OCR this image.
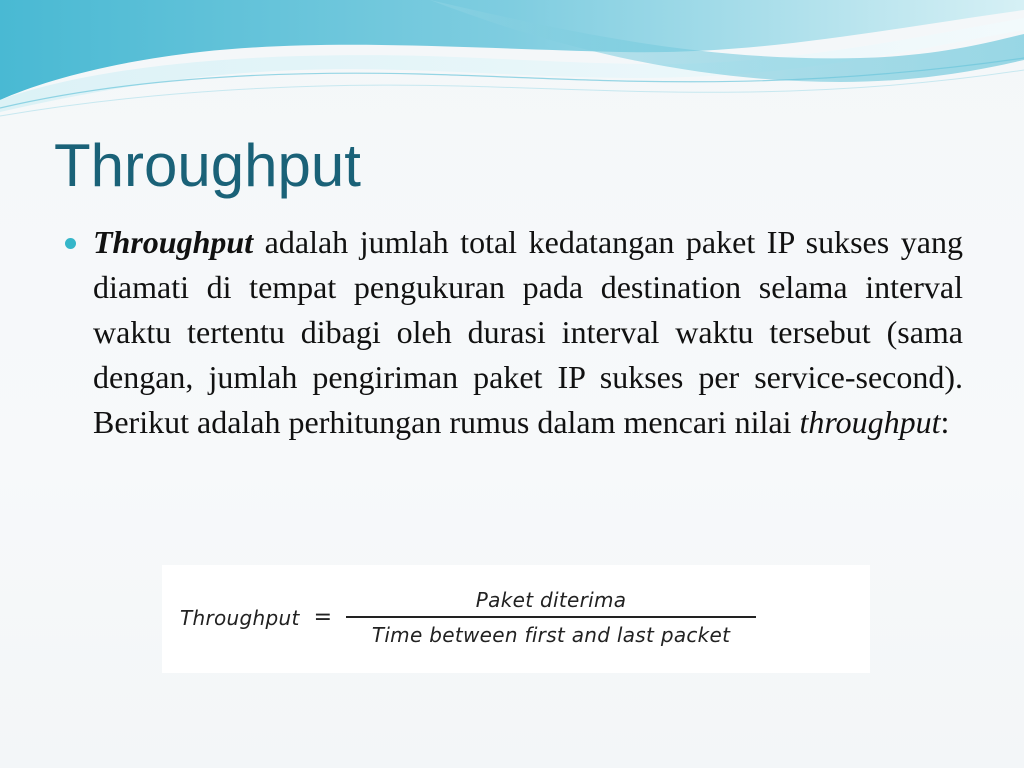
Throughput

Throughput adalah jumlah total kedatangan paket IP sukses yang diamati di tempat pengukuran pada destination selama interval waktu tertentu dibagi oleh durasi interval waktu tersebut (sama dengan, jumlah pengiriman paket IP sukses per service-second). Berikut adalah perhitungan rumus dalam mencari nilai throughput:

Throughput = $\frac{\text{Paket diterima}}{\text{Time between first and last packet}}$
